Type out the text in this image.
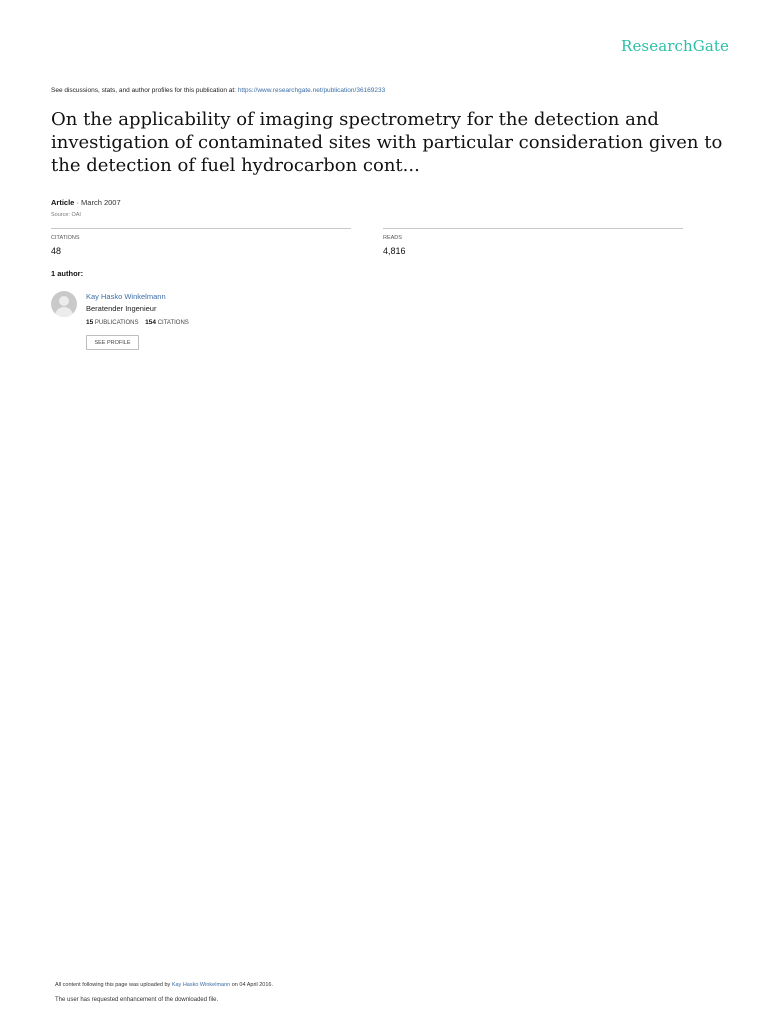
ResearchGate
See discussions, stats, and author profiles for this publication at: https://www.researchgate.net/publication/36169233
On the applicability of imaging spectrometry for the detection and investigation of contaminated sites with particular consideration given to the detection of fuel hydrocarbon cont...
Article · March 2007
Source: OAI
CITATIONS
48
READS
4,816
1 author:
Kay Hasko Winkelmann
Beratender Ingenieur
15 PUBLICATIONS 154 CITATIONS
SEE PROFILE
All content following this page was uploaded by Kay Hasko Winkelmann on 04 April 2016.
The user has requested enhancement of the downloaded file.
